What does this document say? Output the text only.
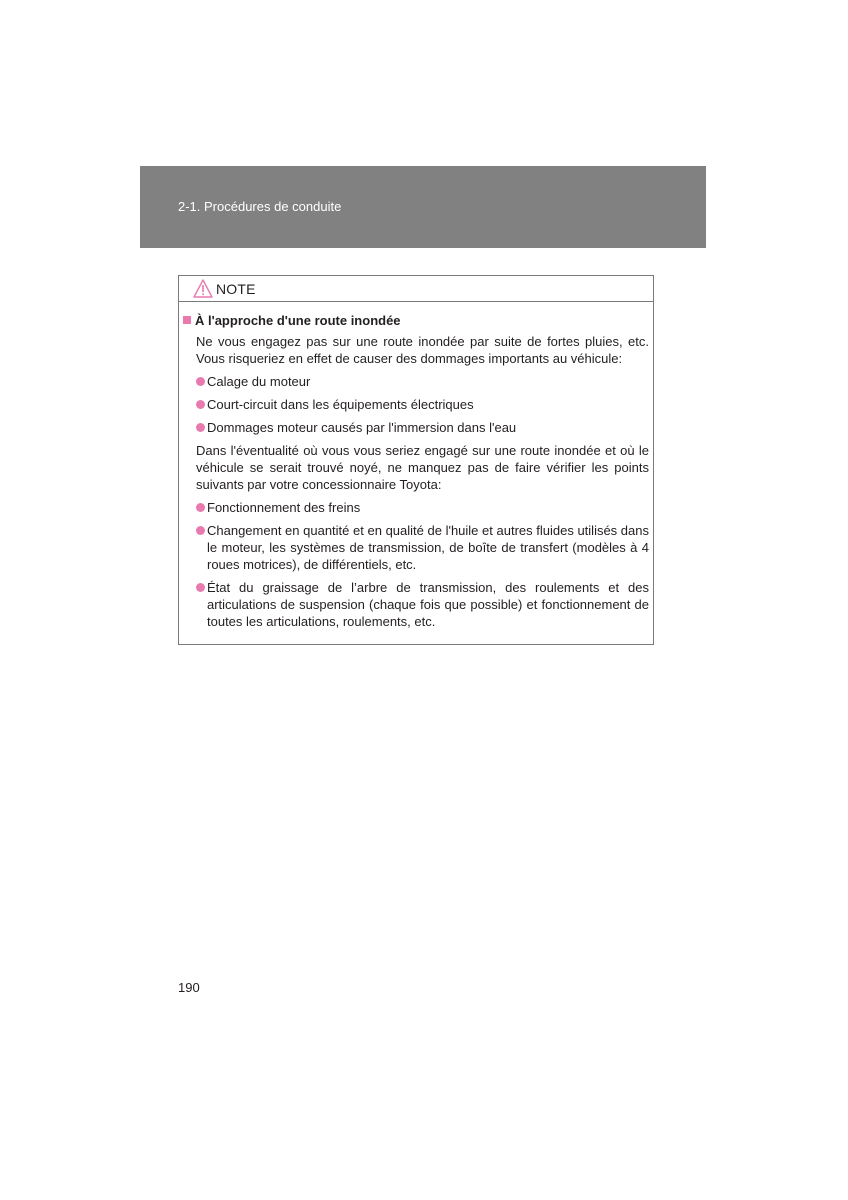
2-1. Procédures de conduite
NOTE
À l'approche d'une route inondée
Ne vous engagez pas sur une route inondée par suite de fortes pluies, etc. Vous risqueriez en effet de causer des dommages importants au véhicule:
Calage du moteur
Court-circuit dans les équipements électriques
Dommages moteur causés par l'immersion dans l'eau
Dans l'éventualité où vous vous seriez engagé sur une route inondée et où le véhicule se serait trouvé noyé, ne manquez pas de faire vérifier les points suivants par votre concessionnaire Toyota:
Fonctionnement des freins
Changement en quantité et en qualité de l'huile et autres fluides utilisés dans le moteur, les systèmes de transmission, de boîte de transfert (modèles à 4 roues motrices), de différentiels, etc.
État du graissage de l’arbre de transmission, des roulements et des articulations de suspension (chaque fois que possible) et fonctionnement de toutes les articulations, roulements, etc.
190
